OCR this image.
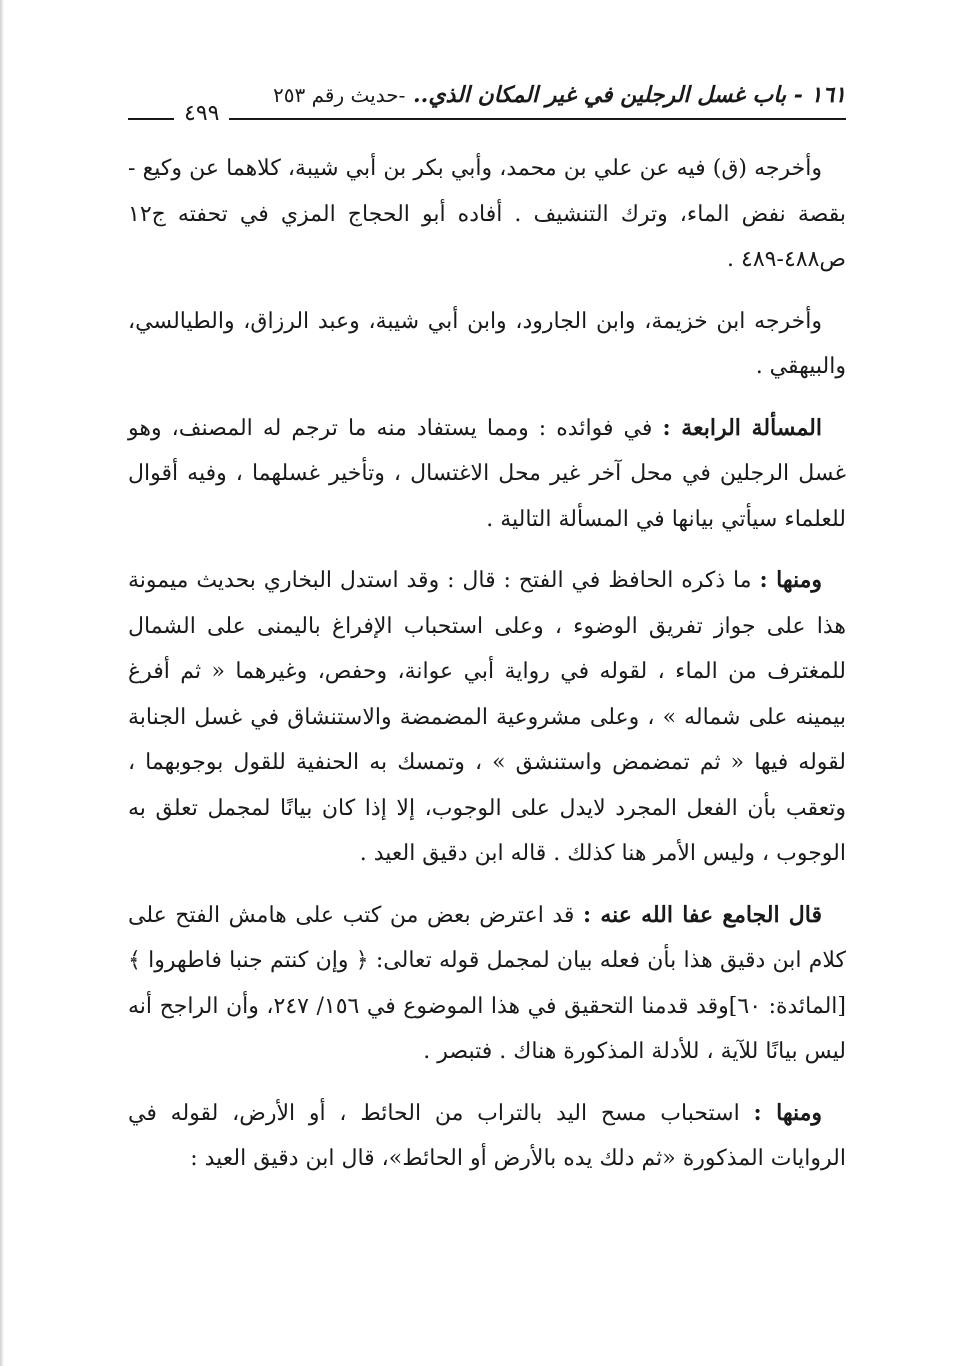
١٦١ - باب غسل الرجلين في غير المكان الذي.. -حديث رقم ٢٥٣
٤٩٩

وأخرجه (ق) فيه عن علي بن محمد، وأبي بكر بن أبي شيبة، كلاهما عن وكيع - بقصة نفض الماء، وترك التنشيف . أفاده أبو الحجاج المزي في تحفته ج١٢ ص٤٨٨-٤٨٩ .

وأخرجه ابن خزيمة، وابن الجارود، وابن أبي شيبة، وعبد الرزاق، والطيالسي، والبيهقي .

المسألة الرابعة : في فوائده : ومما يستفاد منه ما ترجم له المصنف، وهو غسل الرجلين في محل آخر غير محل الاغتسال ، وتأخير غسلهما ، وفيه أقوال للعلماء سيأتي بيانها في المسألة التالية .

ومنها : ما ذكره الحافظ في الفتح : قال : وقد استدل البخاري بحديث ميمونة هذا على جواز تفريق الوضوء ، وعلى استحباب الإفراغ باليمنى على الشمال للمغترف من الماء ، لقوله في رواية أبي عوانة، وحفص، وغيرهما « ثم أفرغ بيمينه على شماله » ، وعلى مشروعية المضمضة والاستنشاق في غسل الجنابة لقوله فيها « ثم تمضمض واستنشق » ، وتمسك به الحنفية للقول بوجوبهما ، وتعقب بأن الفعل المجرد لايدل على الوجوب، إلا إذا كان بيانًا لمجمل تعلق به الوجوب ، وليس الأمر هنا كذلك . قاله ابن دقيق العيد .

قال الجامع عفا الله عنه : قد اعترض بعض من كتب على هامش الفتح على كلام ابن دقيق هذا بأن فعله بيان لمجمل قوله تعالى: ﴿ وإن كنتم جنبا فاطهروا ﴾ [المائدة: ٦٠]وقد قدمنا التحقيق في هذا الموضوع في ١٥٦/ ٢٤٧، وأن الراجح أنه ليس بيانًا للآية ، للأدلة المذكورة هناك . فتبصر .

ومنها : استحباب مسح اليد بالتراب من الحائط ، أو الأرض، لقوله في الروايات المذكورة «ثم دلك يده بالأرض أو الحائط»، قال ابن دقيق العيد :
